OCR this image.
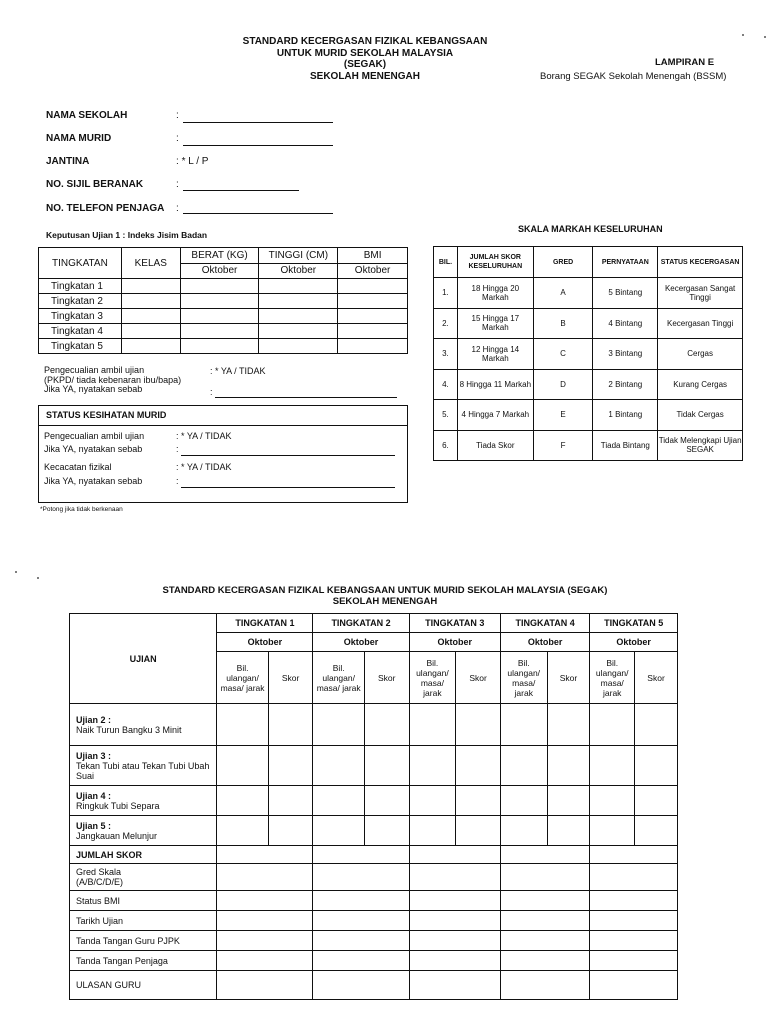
STANDARD KECERGASAN FIZIKAL KEBANGSAAN
UNTUK MURID SEKOLAH MALAYSIA
(SEGAK)
SEKOLAH MENENGAH
LAMPIRAN E
Borang SEGAK Sekolah Menengah (BSSM)
NAMA SEKOLAH	:
NAMA MURID	:
JANTINA	: * L / P
NO. SIJIL BERANAK	:
NO. TELEFON PENJAGA :
Keputusan Ujian 1 : Indeks Jisim Badan
TINGKATAN	KELAS	BERAT (KG)	TINGGI (CM)	BMI
		Oktober	Oktober	Oktober
Tingkatan 1				
Tingkatan 2				
Tingkatan 3				
Tingkatan 4				
Tingkatan 5				
Pengecualian ambil ujian
(PKPD/ tiada kebenaran ibu/bapa)
Jika YA, nyatakan sebab
: * YA / TIDAK
:
STATUS KESIHATAN MURID
Pengecualian ambil ujian	: * YA / TIDAK
Jika YA, nyatakan sebab	:
Kecacatan fizikal	: * YA / TIDAK
Jika YA, nyatakan sebab	:
*Potong jika tidak berkenaan
SKALA MARKAH KESELURUHAN
BIL.	JUMLAH SKOR KESELURUHAN	GRED	PERNYATAAN	STATUS KECERGASAN
1.	18 Hingga 20 Markah	A	5 Bintang	Kecergasan Sangat Tinggi
2.	15 Hingga 17 Markah	B	4 Bintang	Kecergasan Tinggi
3.	12 Hingga 14 Markah	C	3 Bintang	Cergas
4.	8 Hingga 11 Markah	D	2 Bintang	Kurang Cergas
5.	4 Hingga 7 Markah	E	1 Bintang	Tidak Cergas
6.	Tiada Skor	F	Tiada Bintang	Tidak Melengkapi Ujian SEGAK
STANDARD KECERGASAN FIZIKAL KEBANGSAAN UNTUK MURID SEKOLAH MALAYSIA (SEGAK)
SEKOLAH MENENGAH
UJIAN	TINGKATAN 1		TINGKATAN 2		TINGKATAN 3		TINGKATAN 4		TINGKATAN 5	
	Oktober		Oktober		Oktober		Oktober		Oktober	
	Bil. ulangan/ masa/ jarak	Skor	Bil. ulangan/ masa/ jarak	Skor	Bil. ulangan/ masa/ jarak	Skor	Bil. ulangan/ masa/ jarak	Skor	Bil. ulangan/ masa/ jarak	Skor
Ujian 2 :
Naik Turun Bangku 3 Minit										
Ujian 3 :
Tekan Tubi atau Tekan Tubi Ubah Suai										
Ujian 4 :
Ringkuk Tubi Separa										
Ujian 5 :
Jangkauan Melunjur										
JUMLAH SKOR										
Gred Skala (A/B/C/D/E)										
Status BMI										
Tarikh Ujian										
Tanda Tangan Guru PJPK										
Tanda Tangan Penjaga										
ULASAN GURU										
